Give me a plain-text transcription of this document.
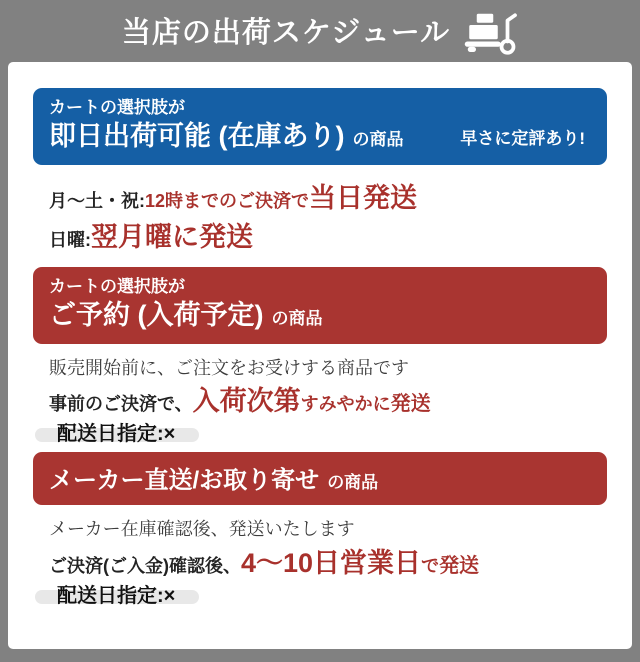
当店の出荷スケジュール
カートの選択肢が
即日出荷可能 (在庫あり) の商品	早さに定評あり!
月〜土・祝:12時までのご決済で当日発送
日曜:翌月曜に発送
カートの選択肢が
ご予約 (入荷予定) の商品
販売開始前に、ご注文をお受けする商品です
事前のご決済で、入荷次第すみやかに発送
配送日指定:×
メーカー直送/お取り寄せ の商品
メーカー在庫確認後、発送いたします
ご決済(ご入金)確認後、4〜10日営業日で発送
配送日指定:×
